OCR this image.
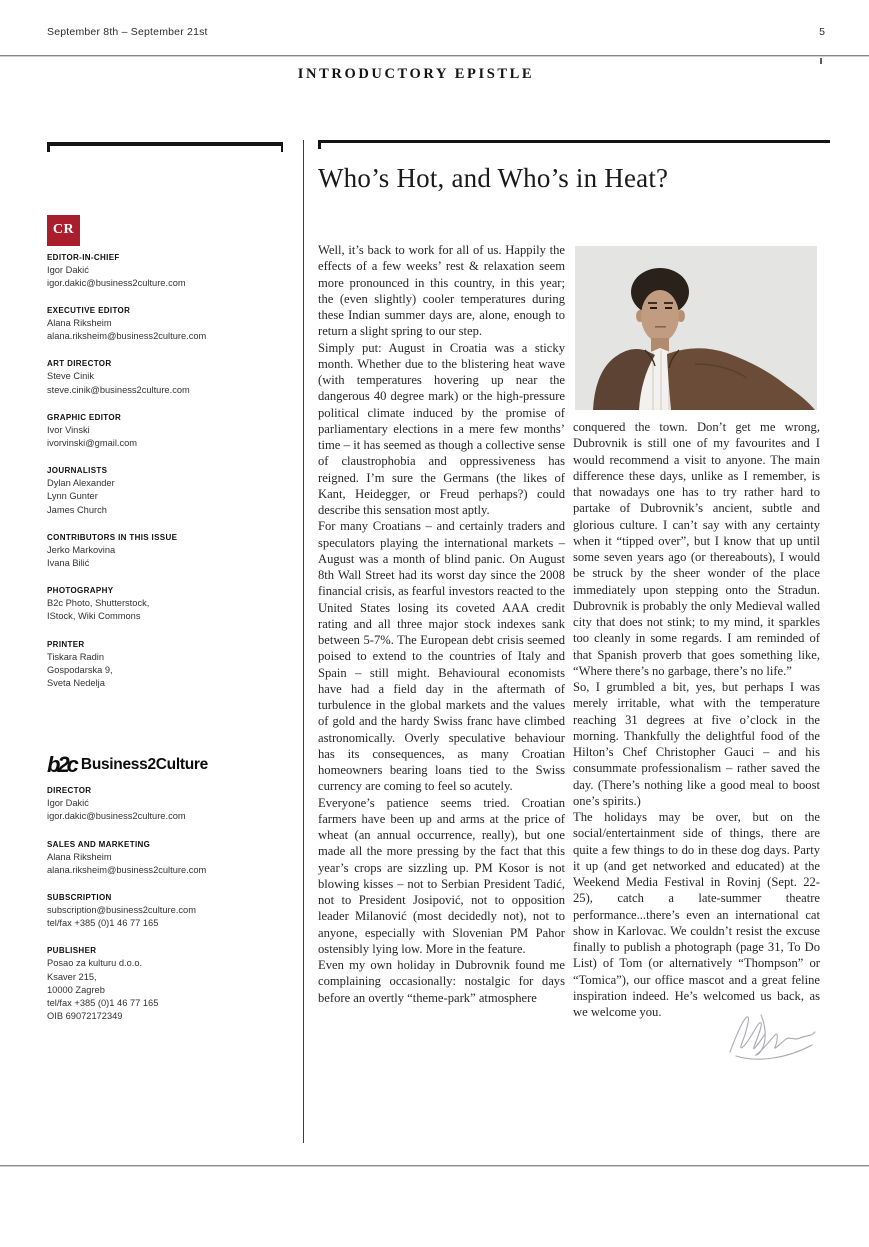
September 8th – September 21st	5
INTRODUCTORY EPISTLE
CR
EDITOR-IN-CHIEF
Igor Dakić
igor.dakic@business2culture.com
EXECUTIVE EDITOR
Alana Riksheim
alana.riksheim@business2culture.com
ART DIRECTOR
Steve Cinik
steve.cinik@business2culture.com
GRAPHIC EDITOR
Ivor Vinski
ivorvinski@gmail.com
JOURNALISTS
Dylan Alexander
Lynn Gunter
James Church
CONTRIBUTORS IN THIS ISSUE
Jerko Markovina
Ivana Bilić
PHOTOGRAPHY
B2c Photo, Shutterstock,
IStock, Wiki Commons
PRINTER
Tiskara Radin
Gospodarska 9,
Sveta Nedelja
b2c Business2Culture
DIRECTOR
Igor Dakić
igor.dakic@business2culture.com
SALES AND MARKETING
Alana Riksheim
alana.riksheim@business2culture.com
SUBSCRIPTION
subscription@business2culture.com
tel/fax +385 (0)1 46 77 165
PUBLISHER
Posao za kulturu d.o.o.
Ksaver 215,
10000 Zagreb
tel/fax +385 (0)1 46 77 165
OIB 69072172349
Who’s Hot, and Who’s in Heat?

Well, it’s back to work for all of us. Happily the effects of a few weeks’ rest & relaxation seem more pronounced in this country, in this year; the (even slightly) cooler temperatures during these Indian summer days are, alone, enough to return a slight spring to our step.

Simply put: August in Croatia was a sticky month. Whether due to the blistering heat wave (with temperatures hovering up near the dangerous 40 degree mark) or the high-pressure political climate induced by the promise of parliamentary elections in a mere few months’ time – it has seemed as though a collective sense of claustrophobia and oppressiveness has reigned. I’m sure the Germans (the likes of Kant, Heidegger, or Freud perhaps?) could describe this sensation most aptly.

For many Croatians – and certainly traders and speculators playing the international markets – August was a month of blind panic. On August 8th Wall Street had its worst day since the 2008 financial crisis, as fearful investors reacted to the United States losing its coveted AAA credit rating and all three major stock indexes sank between 5-7%. The European debt crisis seemed poised to extend to the countries of Italy and Spain – still might. Behavioural economists have had a field day in the aftermath of turbulence in the global markets and the values of gold and the hardy Swiss franc have climbed astronomically. Overly speculative behaviour has its consequences, as many Croatian homeowners bearing loans tied to the Swiss currency are coming to feel so acutely.

Everyone’s patience seems tried. Croatian farmers have been up and arms at the price of wheat (an annual occurrence, really), but one made all the more pressing by the fact that this year’s crops are sizzling up. PM Kosor is not blowing kisses – not to Serbian President Tadić, not to President Josipović, not to opposition leader Milanović (most decidedly not), not to anyone, especially with Slovenian PM Pahor ostensibly lying low. More in the feature.

Even my own holiday in Dubrovnik found me complaining occasionally: nostalgic for days before an overtly “theme-park” atmosphere

conquered the town. Don’t get me wrong, Dubrovnik is still one of my favourites and I would recommend a visit to anyone. The main difference these days, unlike as I remember, is that nowadays one has to try rather hard to partake of Dubrovnik’s ancient, subtle and glorious culture. I can’t say with any certainty when it “tipped over”, but I know that up until some seven years ago (or thereabouts), I would be struck by the sheer wonder of the place immediately upon stepping onto the Stradun. Dubrovnik is probably the only Medieval walled city that does not stink; to my mind, it sparkles too cleanly in some regards. I am reminded of that Spanish proverb that goes something like, “Where there’s no garbage, there’s no life.”

So, I grumbled a bit, yes, but perhaps I was merely irritable, what with the temperature reaching 31 degrees at five o’clock in the morning. Thankfully the delightful food of the Hilton’s Chef Christopher Gauci – and his consummate professionalism – rather saved the day. (There’s nothing like a good meal to boost one’s spirits.)

The holidays may be over, but on the social/entertainment side of things, there are quite a few things to do in these dog days. Party it up (and get networked and educated) at the Weekend Media Festival in Rovinj (Sept. 22-25), catch a late-summer theatre performance...there’s even an international cat show in Karlovac. We couldn’t resist the excuse finally to publish a photograph (page 31, To Do List) of Tom (or alternatively “Thompson” or “Tomica”), our office mascot and a great feline inspiration indeed. He’s welcomed us back, as we welcome you.
